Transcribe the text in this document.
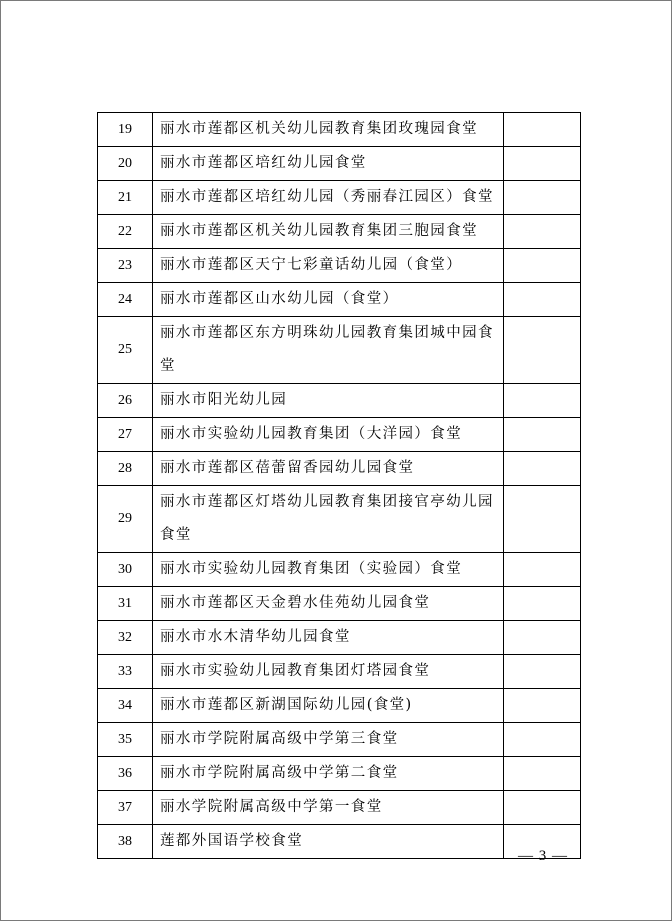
19	丽水市莲都区机关幼儿园教育集团玫瑰园食堂	
20	丽水市莲都区培红幼儿园食堂	
21	丽水市莲都区培红幼儿园（秀丽春江园区）食堂	
22	丽水市莲都区机关幼儿园教育集团三胞园食堂	
23	丽水市莲都区天宁七彩童话幼儿园（食堂）	
24	丽水市莲都区山水幼儿园（食堂）	
25	丽水市莲都区东方明珠幼儿园教育集团城中园食堂	
26	丽水市阳光幼儿园	
27	丽水市实验幼儿园教育集团（大洋园）食堂	
28	丽水市莲都区蓓蕾留香园幼儿园食堂	
29	丽水市莲都区灯塔幼儿园教育集团接官亭幼儿园食堂	
30	丽水市实验幼儿园教育集团（实验园）食堂	
31	丽水市莲都区天金碧水佳苑幼儿园食堂	
32	丽水市水木清华幼儿园食堂	
33	丽水市实验幼儿园教育集团灯塔园食堂	
34	丽水市莲都区新湖国际幼儿园(食堂)	
35	丽水市学院附属高级中学第三食堂	
36	丽水市学院附属高级中学第二食堂	
37	丽水学院附属高级中学第一食堂	
38	莲都外国语学校食堂	
— 3 —
